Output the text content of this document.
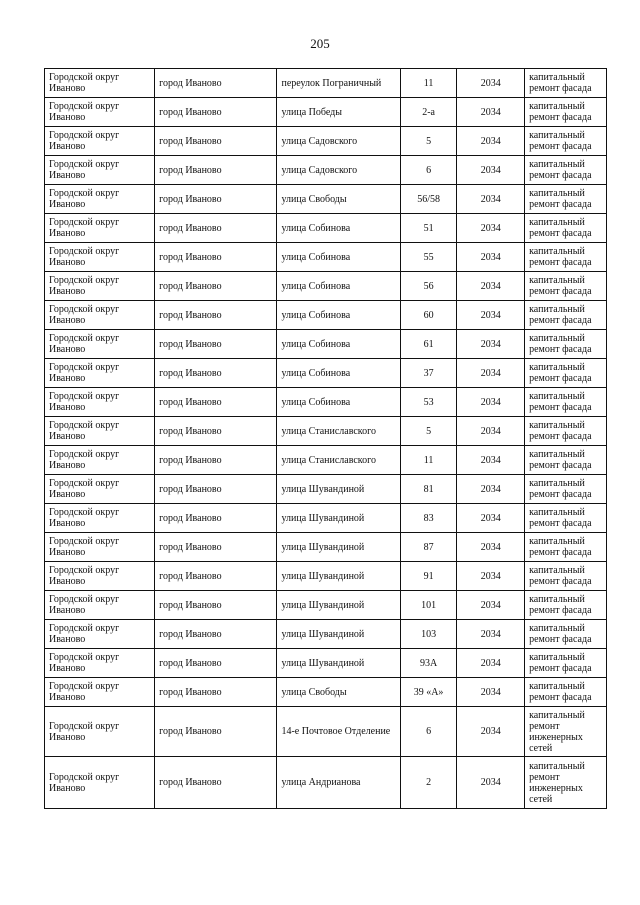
205
Городской округ Иваново	город Иваново	переулок Пограничный	11	2034	капитальный ремонт фасада
Городской округ Иваново	город Иваново	улица Победы	2-а	2034	капитальный ремонт фасада
Городской округ Иваново	город Иваново	улица Садовского	5	2034	капитальный ремонт фасада
Городской округ Иваново	город Иваново	улица Садовского	6	2034	капитальный ремонт фасада
Городской округ Иваново	город Иваново	улица Свободы	56/58	2034	капитальный ремонт фасада
Городской округ Иваново	город Иваново	улица Собинова	51	2034	капитальный ремонт фасада
Городской округ Иваново	город Иваново	улица Собинова	55	2034	капитальный ремонт фасада
Городской округ Иваново	город Иваново	улица Собинова	56	2034	капитальный ремонт фасада
Городской округ Иваново	город Иваново	улица Собинова	60	2034	капитальный ремонт фасада
Городской округ Иваново	город Иваново	улица Собинова	61	2034	капитальный ремонт фасада
Городской округ Иваново	город Иваново	улица Собинова	37	2034	капитальный ремонт фасада
Городской округ Иваново	город Иваново	улица Собинова	53	2034	капитальный ремонт фасада
Городской округ Иваново	город Иваново	улица Станиславского	5	2034	капитальный ремонт фасада
Городской округ Иваново	город Иваново	улица Станиславского	11	2034	капитальный ремонт фасада
Городской округ Иваново	город Иваново	улица Шувандиной	81	2034	капитальный ремонт фасада
Городской округ Иваново	город Иваново	улица Шувандиной	83	2034	капитальный ремонт фасада
Городской округ Иваново	город Иваново	улица Шувандиной	87	2034	капитальный ремонт фасада
Городской округ Иваново	город Иваново	улица Шувандиной	91	2034	капитальный ремонт фасада
Городской округ Иваново	город Иваново	улица Шувандиной	101	2034	капитальный ремонт фасада
Городской округ Иваново	город Иваново	улица Шувандиной	103	2034	капитальный ремонт фасада
Городской округ Иваново	город Иваново	улица Шувандиной	93А	2034	капитальный ремонт фасада
Городской округ Иваново	город Иваново	улица Свободы	39 «А»	2034	капитальный ремонт фасада
Городской округ Иваново	город Иваново	14-е Почтовое Отделение	6	2034	капитальный ремонт инженерных сетей
Городской округ Иваново	город Иваново	улица Андрианова	2	2034	капитальный ремонт инженерных сетей
